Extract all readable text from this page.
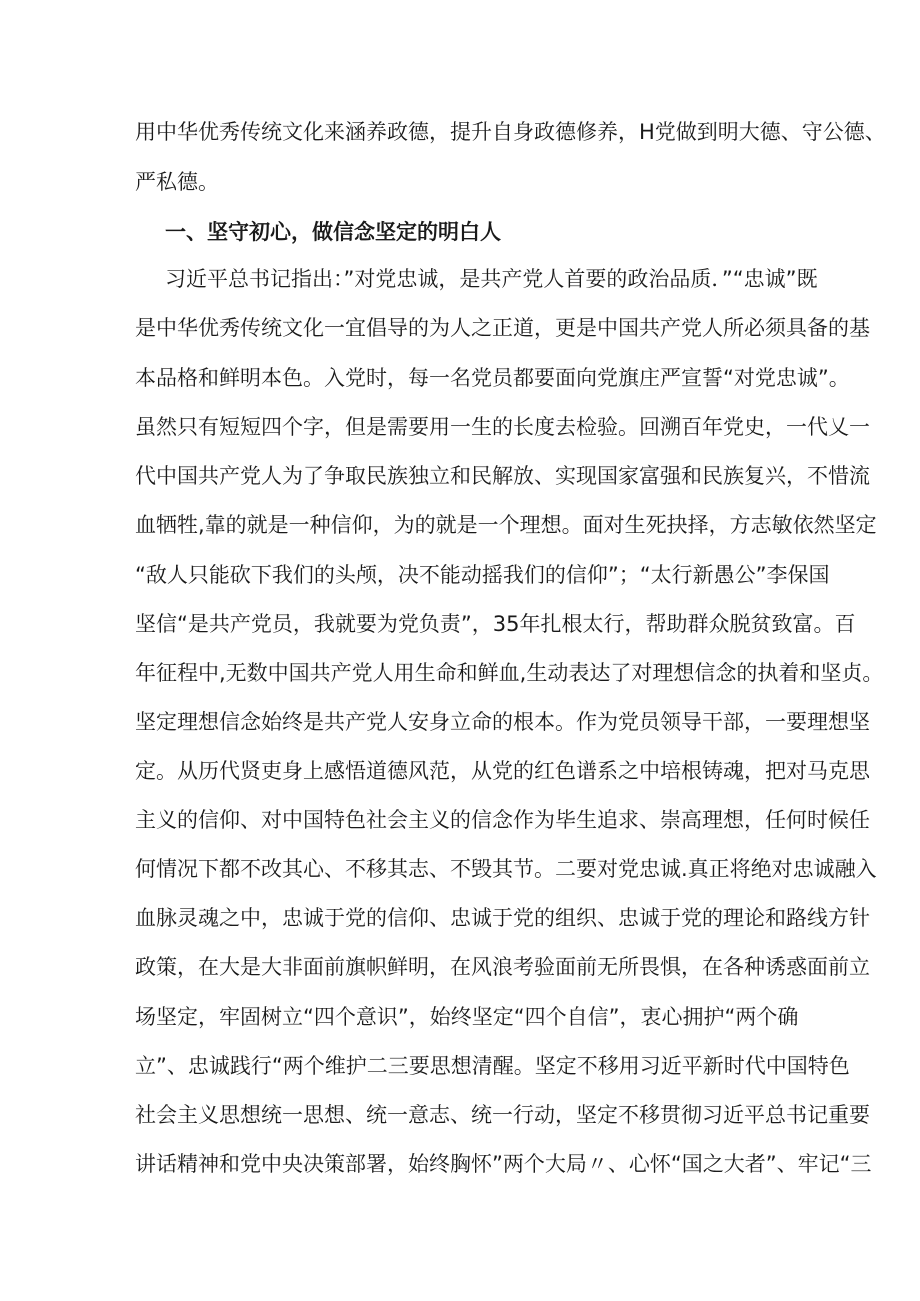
用中华优秀传统文化来涵养政德，提升自身政德修养，H党做到明大德、守公德、
严私德。
一、坚守初心，做信念坚定的明白人
习近平总书记指出：”对党忠诚，是共产党人首要的政治品质．”“忠诚”既
是中华优秀传统文化一宜倡导的为人之正道，更是中国共产党人所必须具备的基
本品格和鲜明本色。入党时，每一名党员都要面向党旗庄严宣誓“对党忠诚”。
虽然只有短短四个字，但是需要用一生的长度去检验。回溯百年党史，一代乂一
代中国共产党人为了争取民族独立和民解放、实现国家富强和民族复兴，不惜流
血牺牲,靠的就是一种信仰，为的就是一个理想。面对生死抉择，方志敏依然坚定
“敌人只能砍下我们的头颅，决不能动摇我们的信仰”；“太行新愚公”李保国
坚信“是共产党员，我就要为党负责”，35年扎根太行，帮助群众脱贫致富。百
年征程中,无数中国共产党人用生命和鲜血,生动表达了对理想信念的执着和坚贞。
坚定理想信念始终是共产党人安身立命的根本。作为党员领导干部，一要理想坚
定。从历代贤吏身上感悟道德风范，从党的红色谱系之中培根铸魂，把对马克思
主义的信仰、对中国特色社会主义的信念作为毕生追求、崇高理想，任何时候任
何情况下都不改其心、不移其志、不毁其节。二要对党忠诚.真正将绝对忠诚融入
血脉灵魂之中，忠诚于党的信仰、忠诚于党的组织、忠诚于党的理论和路线方针
政策，在大是大非面前旗帜鲜明，在风浪考验面前无所畏惧，在各种诱惑面前立
场坚定，牢固树立“四个意识”，始终坚定“四个自信”，衷心拥护“两个确
立”、忠诚践行“两个维护二三要思想清醒。坚定不移用习近平新时代中国特色
社会主义思想统一思想、统一意志、统一行动，坚定不移贯彻习近平总书记重要
讲话精神和党中央决策部署，始终胸怀”两个大局〃、心怀“国之大者”、牢记“三
